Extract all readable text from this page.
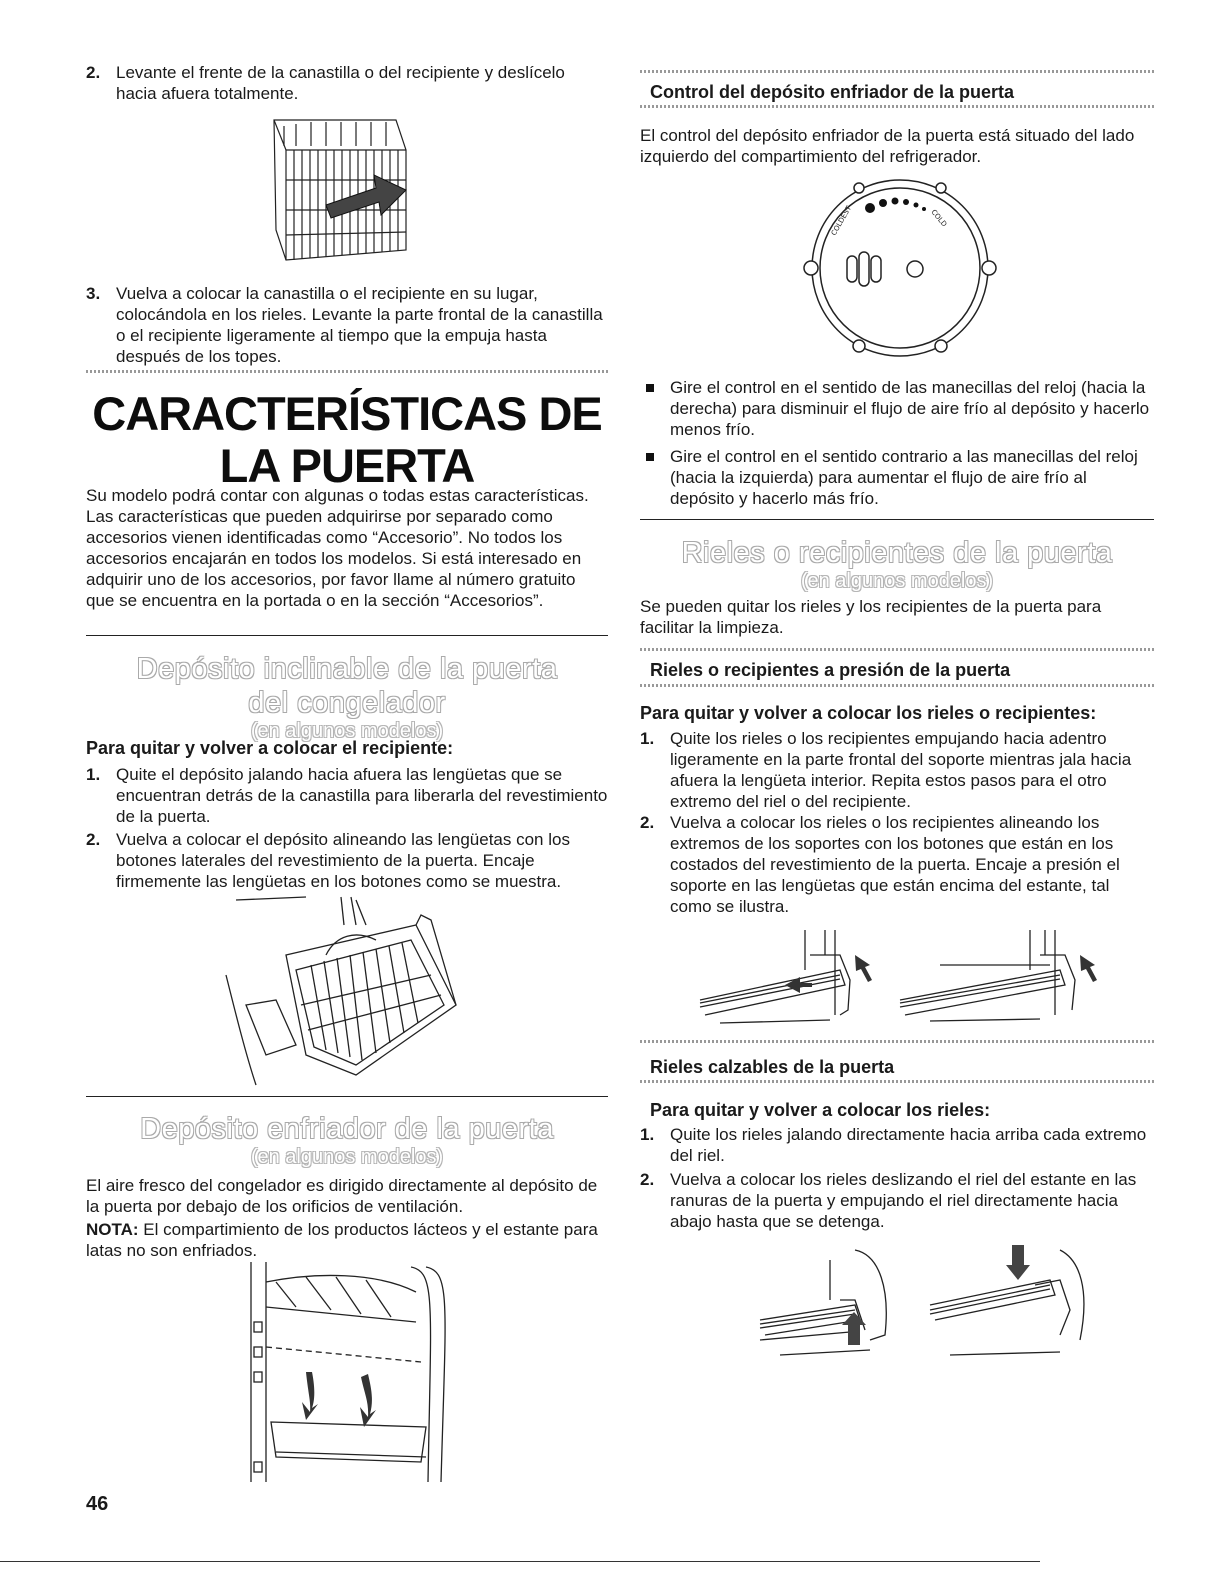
2. Levante el frente de la canastilla o del recipiente y deslícelo hacia afuera totalmente.
3. Vuelva a colocar la canastilla o el recipiente en su lugar, colocándola en los rieles. Levante la parte frontal de la canastilla o el recipiente ligeramente al tiempo que la empuja hasta después de los topes.
CARACTERÍSTICAS DE
LA PUERTA
Su modelo podrá contar con algunas o todas estas características. Las características que pueden adquirirse por separado como accesorios vienen identificadas como “Accesorio”. No todos los accesorios encajarán en todos los modelos. Si está interesado en adquirir uno de los accesorios, por favor llame al número gratuito que se encuentra en la portada o en la sección “Accesorios”.
Depósito inclinable de la puerta
del congelador
(en algunos modelos)
Para quitar y volver a colocar el recipiente:
1. Quite el depósito jalando hacia afuera las lengüetas que se encuentran detrás de la canastilla para liberarla del revestimiento de la puerta.
2. Vuelva a colocar el depósito alineando las lengüetas con los botones laterales del revestimiento de la puerta. Encaje firmemente las lengüetas en los botones como se muestra.
Depósito enfriador de la puerta
(en algunos modelos)
El aire fresco del congelador es dirigido directamente al depósito de la puerta por debajo de los orificios de ventilación.
NOTA: El compartimiento de los productos lácteos y el estante para latas no son enfriados.
Control del depósito enfriador de la puerta
El control del depósito enfriador de la puerta está situado del lado izquierdo del compartimiento del refrigerador.
COLDEST	COLD
Gire el control en el sentido de las manecillas del reloj (hacia la derecha) para disminuir el flujo de aire frío al depósito y hacerlo menos frío.
Gire el control en el sentido contrario a las manecillas del reloj (hacia la izquierda) para aumentar el flujo de aire frío al depósito y hacerlo más frío.
Rieles o recipientes de la puerta
(en algunos modelos)
Se pueden quitar los rieles y los recipientes de la puerta para facilitar la limpieza.
Rieles o recipientes a presión de la puerta
Para quitar y volver a colocar los rieles o recipientes:
1. Quite los rieles o los recipientes empujando hacia adentro ligeramente en la parte frontal del soporte mientras jala hacia afuera la lengüeta interior. Repita estos pasos para el otro extremo del riel o del recipiente.
2. Vuelva a colocar los rieles o los recipientes alineando los extremos de los soportes con los botones que están en los costados del revestimiento de la puerta. Encaje a presión el soporte en las lengüetas que están encima del estante, tal como se ilustra.
Rieles calzables de la puerta
Para quitar y volver a colocar los rieles:
1. Quite los rieles jalando directamente hacia arriba cada extremo del riel.
2. Vuelva a colocar los rieles deslizando el riel del estante en las ranuras de la puerta y empujando el riel directamente hacia abajo hasta que se detenga.
46
